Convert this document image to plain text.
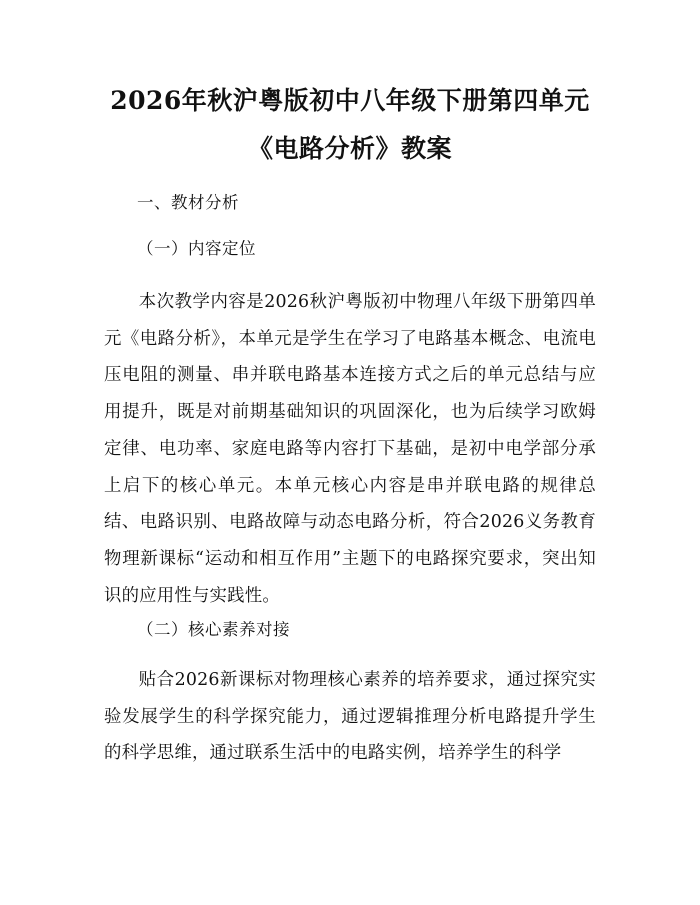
2026年秋沪粤版初中八年级下册第四单元
《电路分析》教案
一、教材分析
（一）内容定位

本次教学内容是2026秋沪粤版初中物理八年级下册第四单元《电路分析》，本单元是学生在学习了电路基本概念、电流电压电阻的测量、串并联电路基本连接方式之后的单元总结与应用提升，既是对前期基础知识的巩固深化，也为后续学习欧姆定律、电功率、家庭电路等内容打下基础，是初中电学部分承上启下的核心单元。本单元核心内容是串并联电路的规律总结、电路识别、电路故障与动态电路分析，符合2026义务教育物理新课标“运动和相互作用”主题下的电路探究要求，突出知识的应用性与实践性。

（二）核心素养对接

贴合2026新课标对物理核心素养的培养要求，通过探究实验发展学生的科学探究能力，通过逻辑推理分析电路提升学生的科学思维，通过联系生活中的电路实例，培养学生的科学
